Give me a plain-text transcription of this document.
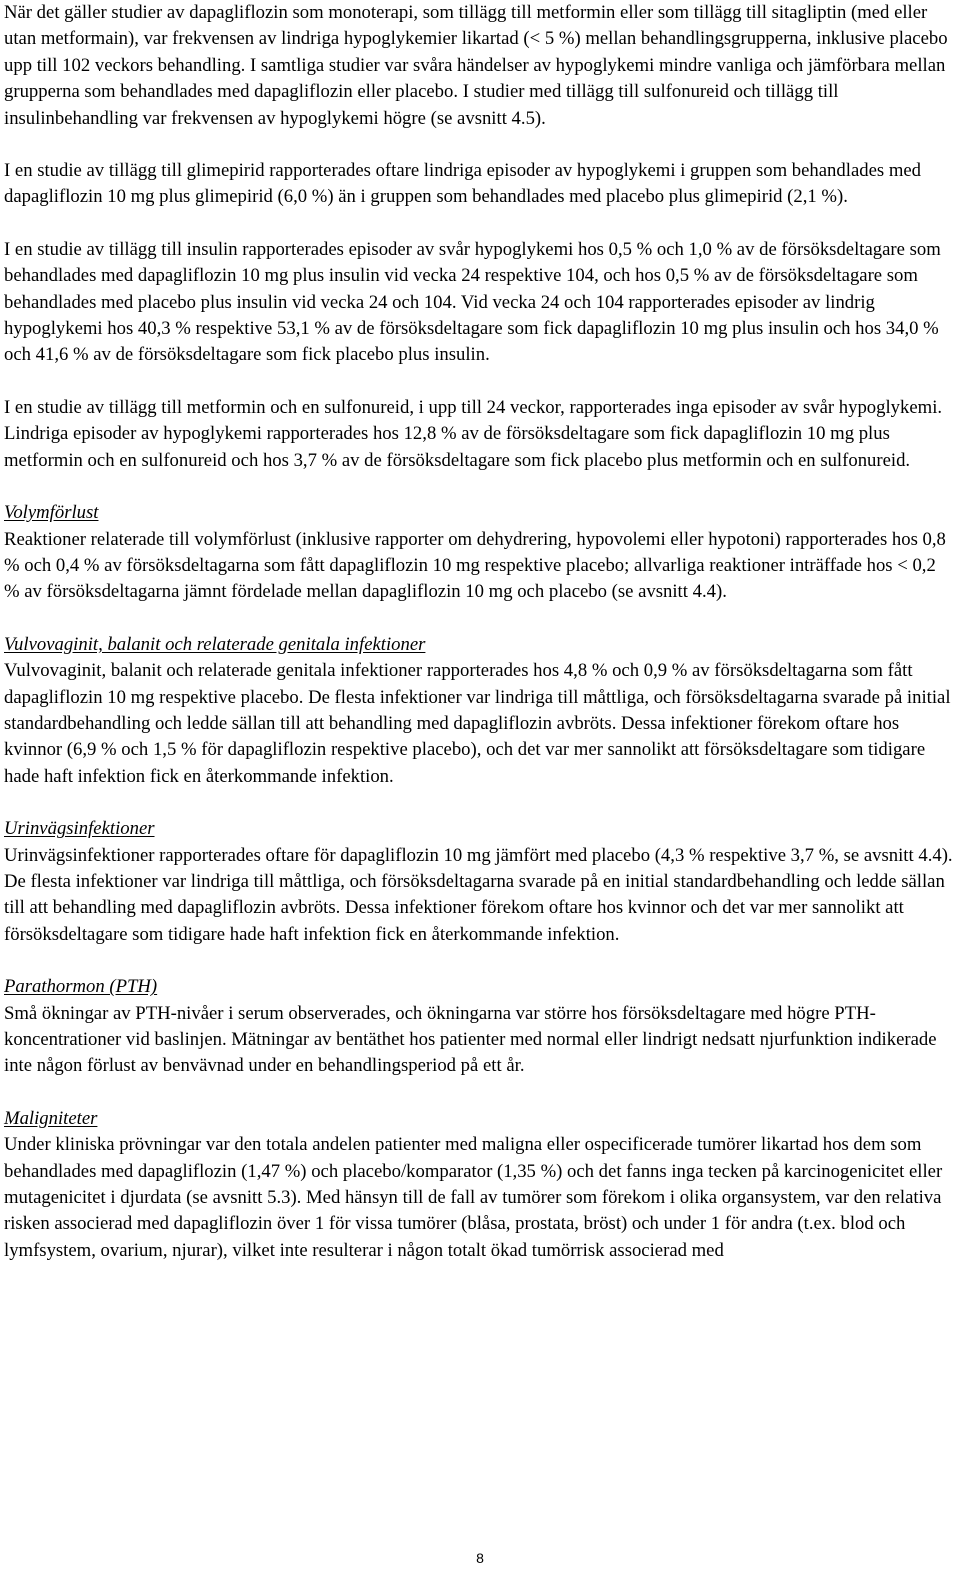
När det gäller studier av dapagliflozin som monoterapi, som tillägg till metformin eller som tillägg till sitagliptin (med eller utan metformain), var frekvensen av lindriga hypoglykemier likartad (< 5 %) mellan behandlingsgrupperna, inklusive placebo upp till 102 veckors behandling. I samtliga studier var svåra händelser av hypoglykemi mindre vanliga och jämförbara mellan grupperna som behandlades med dapagliflozin eller placebo. I studier med tillägg till sulfonureid och tillägg till insulinbehandling var frekvensen av hypoglykemi högre (se avsnitt 4.5).

I en studie av tillägg till glimepirid rapporterades oftare lindriga episoder av hypoglykemi i gruppen som behandlades med dapagliflozin 10 mg plus glimepirid (6,0 %) än i gruppen som behandlades med placebo plus glimepirid (2,1 %).

I en studie av tillägg till insulin rapporterades episoder av svår hypoglykemi hos 0,5 % och 1,0 % av de försöksdeltagare som behandlades med dapagliflozin 10 mg plus insulin vid vecka 24 respektive 104, och hos 0,5 % av de försöksdeltagare som behandlades med placebo plus insulin vid vecka 24 och 104. Vid vecka 24 och 104 rapporterades episoder av lindrig hypoglykemi hos 40,3 % respektive 53,1 % av de försöksdeltagare som fick dapagliflozin 10 mg plus insulin och hos 34,0 % och 41,6 % av de försöksdeltagare som fick placebo plus insulin.

I en studie av tillägg till metformin och en sulfonureid, i upp till 24 veckor, rapporterades inga episoder av svår hypoglykemi. Lindriga episoder av hypoglykemi rapporterades hos 12,8 % av de försöksdeltagare som fick dapagliflozin 10 mg plus metformin och en sulfonureid och hos 3,7 % av de försöksdeltagare som fick placebo plus metformin och en sulfonureid.

Volymförlust

Reaktioner relaterade till volymförlust (inklusive rapporter om dehydrering, hypovolemi eller hypotoni) rapporterades hos 0,8 % och 0,4 % av försöksdeltagarna som fått dapagliflozin 10 mg respektive placebo; allvarliga reaktioner inträffade hos < 0,2 % av försöksdeltagarna jämnt fördelade mellan dapagliflozin 10 mg och placebo (se avsnitt 4.4).

Vulvovaginit, balanit och relaterade genitala infektioner

Vulvovaginit, balanit och relaterade genitala infektioner rapporterades hos 4,8 % och 0,9 % av försöksdeltagarna som fått dapagliflozin 10 mg respektive placebo. De flesta infektioner var lindriga till måttliga, och försöksdeltagarna svarade på initial standardbehandling och ledde sällan till att behandling med dapagliflozin avbröts. Dessa infektioner förekom oftare hos kvinnor (6,9 % och 1,5 % för dapagliflozin respektive placebo), och det var mer sannolikt att försöksdeltagare som tidigare hade haft infektion fick en återkommande infektion.

Urinvägsinfektioner

Urinvägsinfektioner rapporterades oftare för dapagliflozin 10 mg jämfört med placebo (4,3 % respektive 3,7 %, se avsnitt 4.4). De flesta infektioner var lindriga till måttliga, och försöksdeltagarna svarade på en initial standardbehandling och ledde sällan till att behandling med dapagliflozin avbröts. Dessa infektioner förekom oftare hos kvinnor och det var mer sannolikt att försöksdeltagare som tidigare hade haft infektion fick en återkommande infektion.

Parathormon (PTH)

Små ökningar av PTH-nivåer i serum observerades, och ökningarna var större hos försöksdeltagare med högre PTH-koncentrationer vid baslinjen. Mätningar av bentäthet hos patienter med normal eller lindrigt nedsatt njurfunktion indikerade inte någon förlust av benvävnad under en behandlingsperiod på ett år.

Maligniteter

Under kliniska prövningar var den totala andelen patienter med maligna eller ospecificerade tumörer likartad hos dem som behandlades med dapagliflozin (1,47 %) och placebo/komparator (1,35 %) och det fanns inga tecken på karcinogenicitet eller mutagenicitet i djurdata (se avsnitt 5.3). Med hänsyn till de fall av tumörer som förekom i olika organsystem, var den relativa risken associerad med dapagliflozin över 1 för vissa tumörer (blåsa, prostata, bröst) och under 1 för andra (t.ex. blod och lymfsystem, ovarium, njurar), vilket inte resulterar i någon totalt ökad tumörrisk associerad med

8
